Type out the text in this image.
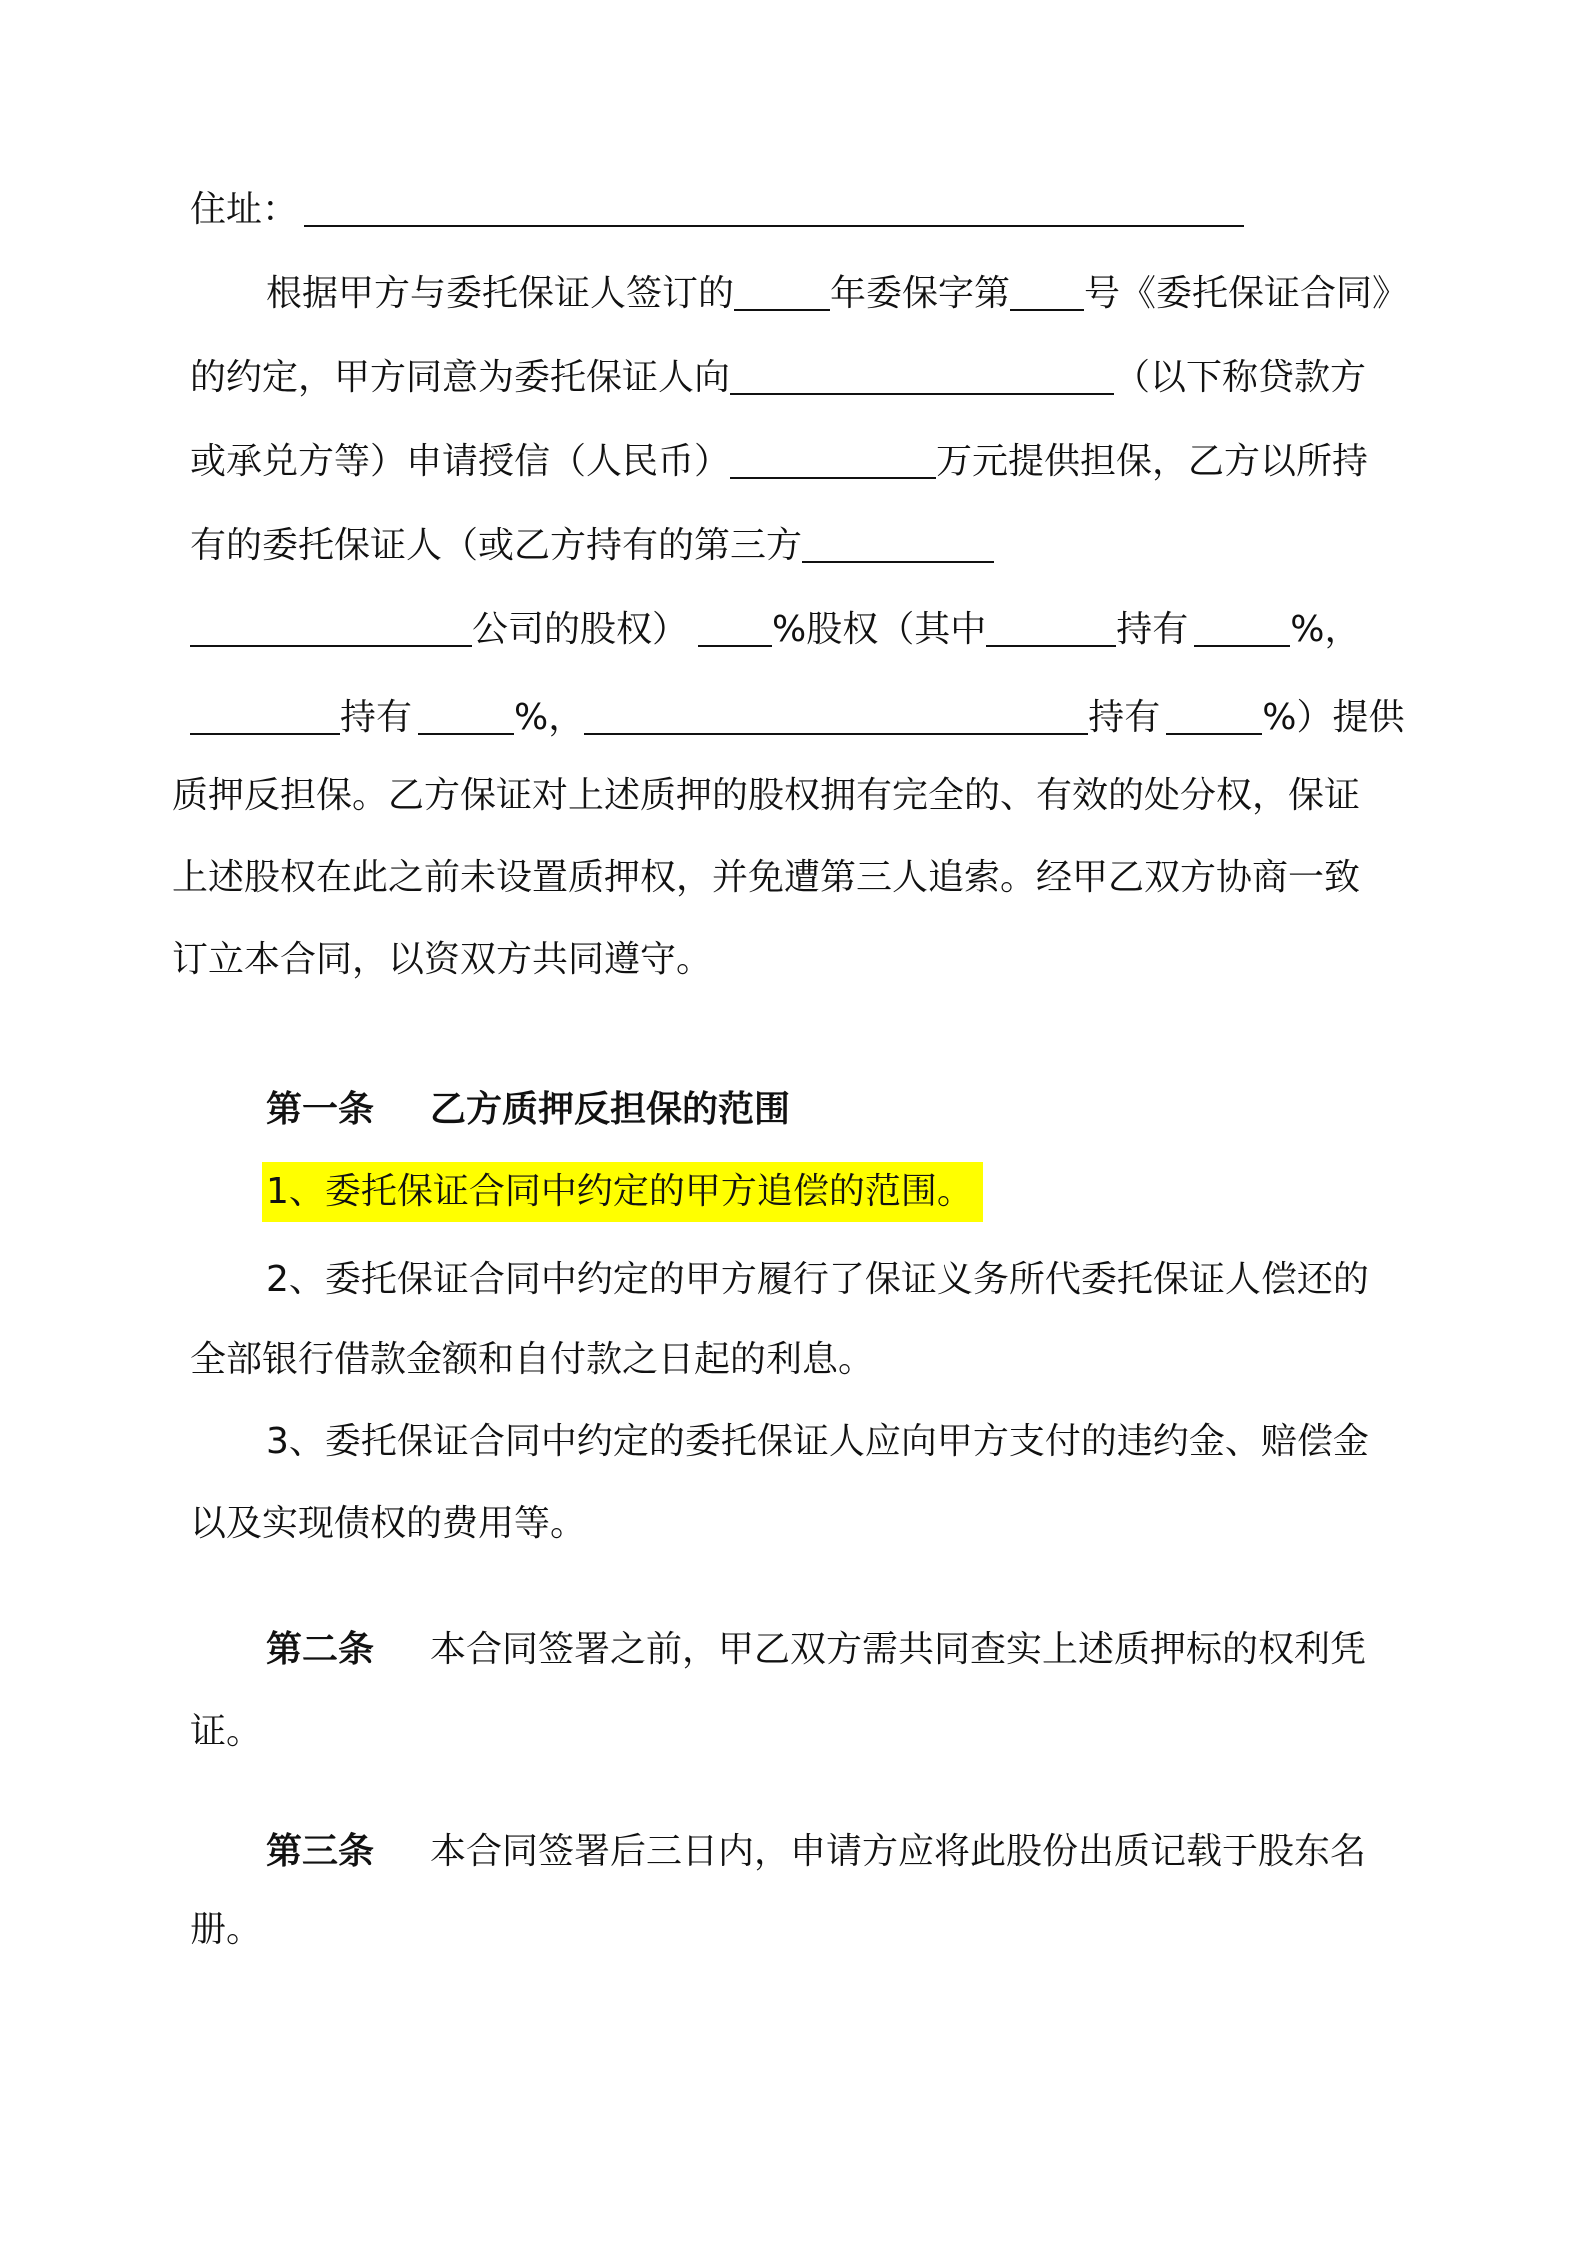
住址：
根据甲方与委托保证人签订的	年委保字第 号《委托保证合同》
的约定，甲方同意为委托保证人向	（以下称贷款方
或承兑方等）申请授信（人民币）	万元提供担保，乙方以所持
有的委托保证人（或乙方持有的第三方
公司的股权） %股权（其中	持有	%，
持有	%，	持有	%）提供
质押反担保。乙方保证对上述质押的股权拥有完全的、有效的处分权，保证
上述股权在此之前未设置质押权，并免遭第三人追索。经甲乙双方协商一致
订立本合同，以资双方共同遵守。
第一条 乙方质押反担保的范围
1、委托保证合同中约定的甲方追偿的范围。
2、委托保证合同中约定的甲方履行了保证义务所代委托保证人偿还的
全部银行借款金额和自付款之日起的利息。
3、委托保证合同中约定的委托保证人应向甲方支付的违约金、赔偿金
以及实现债权的费用等。
第二条 本合同签署之前，甲乙双方需共同查实上述质押标的权利凭
证。
第三条 本合同签署后三日内，申请方应将此股份出质记载于股东名
册。
